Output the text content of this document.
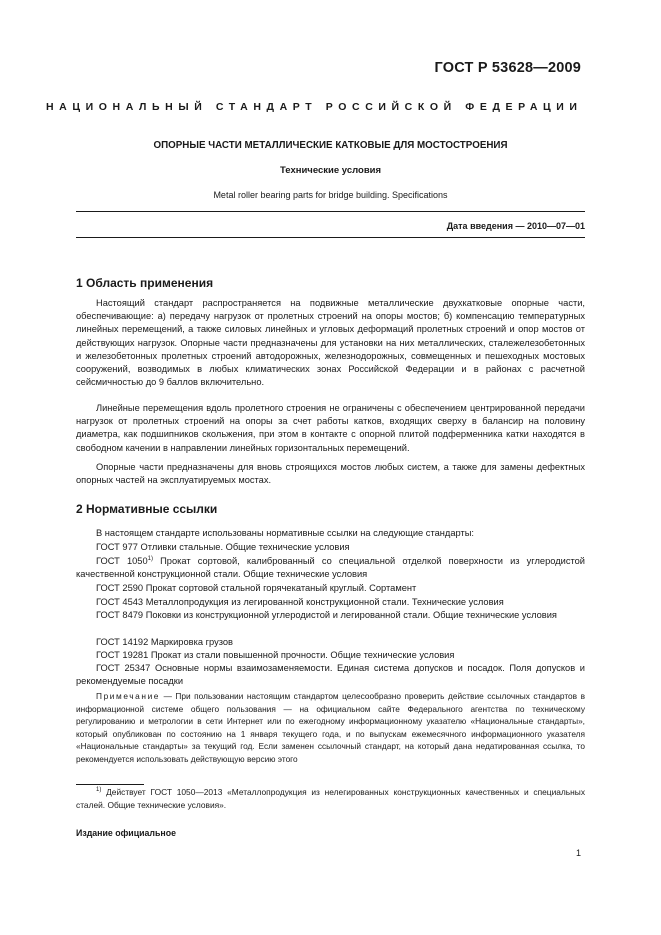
ГОСТ Р 53628—2009
НАЦИОНАЛЬНЫЙ СТАНДАРТ РОССИЙСКОЙ ФЕДЕРАЦИИ
ОПОРНЫЕ ЧАСТИ МЕТАЛЛИЧЕСКИЕ КАТКОВЫЕ ДЛЯ МОСТОСТРОЕНИЯ
Технические условия
Metal roller bearing parts for bridge building. Specifications
Дата введения — 2010—07—01
1 Область применения
Настоящий стандарт распространяется на подвижные металлические двухкатковые опорные части, обеспечивающие: а) передачу нагрузок от пролетных строений на опоры мостов; б) компенсацию температурных линейных перемещений, а также силовых линейных и угловых деформаций пролетных строений и опор мостов от действующих нагрузок. Опорные части предназначены для установки на них металлических, сталежелезобетонных и железобетонных пролетных строений автодорожных, железнодорожных, совмещенных и пешеходных мостовых сооружений, возводимых в любых климатических зонах Российской Федерации и в районах с расчетной сейсмичностью до 9 баллов включительно.
Линейные перемещения вдоль пролетного строения не ограничены с обеспечением центрированной передачи нагрузок от пролетных строений на опоры за счет работы катков, входящих сверху в балансир на половину диаметра, как подшипников скольжения, при этом в контакте с опорной плитой подферменника катки находятся в свободном качении в направлении линейных горизонтальных перемещений.
Опорные части предназначены для вновь строящихся мостов любых систем, а также для замены дефектных опорных частей на эксплуатируемых мостах.
2 Нормативные ссылки
В настоящем стандарте использованы нормативные ссылки на следующие стандарты:
ГОСТ 977 Отливки стальные. Общие технические условия
ГОСТ 1050$^{1)}$ Прокат сортовой, калиброванный со специальной отделкой поверхности из углеродистой качественной конструкционной стали. Общие технические условия
ГОСТ 2590 Прокат сортовой стальной горячекатаный круглый. Сортамент
ГОСТ 4543 Металлопродукция из легированной конструкционной стали. Технические условия
ГОСТ 8479 Поковки из конструкционной углеродистой и легированной стали. Общие технические условия
ГОСТ 14192 Маркировка грузов
ГОСТ 19281 Прокат из стали повышенной прочности. Общие технические условия
ГОСТ 25347 Основные нормы взаимозаменяемости. Единая система допусков и посадок. Поля допусков и рекомендуемые посадки
Примечание — При пользовании настоящим стандартом целесообразно проверить действие ссылочных стандартов в информационной системе общего пользования — на официальном сайте Федерального агентства по техническому регулированию и метрологии в сети Интернет или по ежегодному информационному указателю «Национальные стандарты», который опубликован по состоянию на 1 января текущего года, и по выпускам ежемесячного информационного указателя «Национальные стандарты» за текущий год. Если заменен ссылочный стандарт, на который дана недатированная ссылка, то рекомендуется использовать действующую версию этого
$^{1)}$ Действует ГОСТ 1050—2013 «Металлопродукция из нелегированных конструкционных качественных и специальных сталей. Общие технические условия».
Издание официальное
1
